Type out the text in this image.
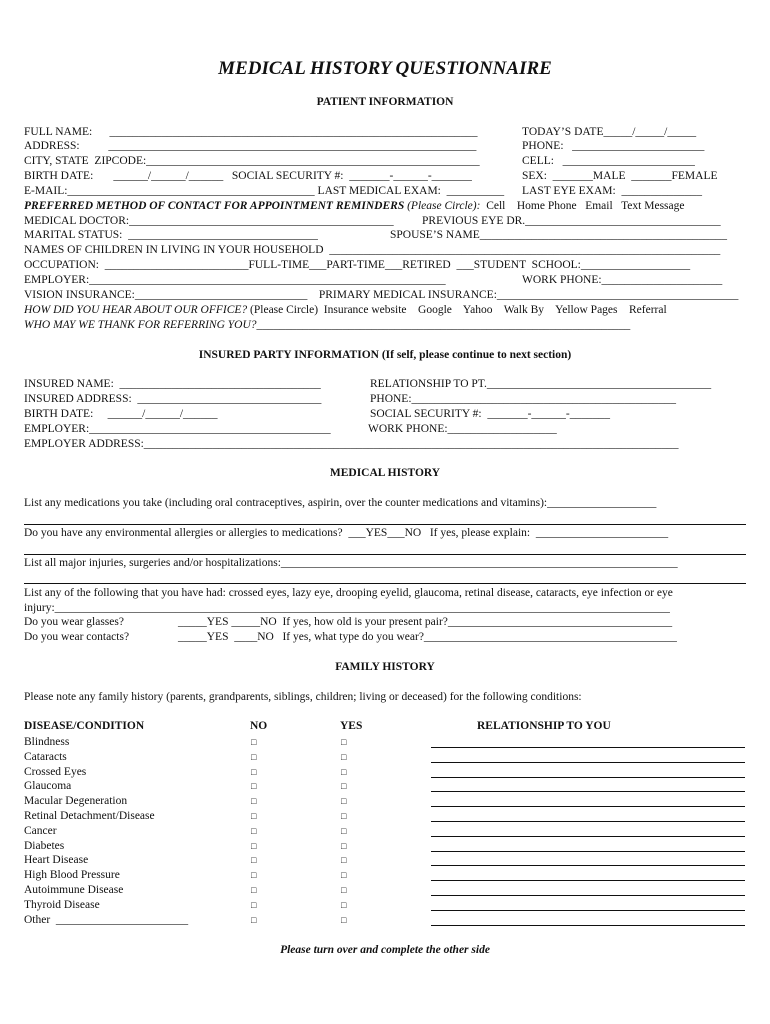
MEDICAL HISTORY QUESTIONNAIRE
PATIENT INFORMATION
FULL NAME:      ________________________________________________________________	TODAY’S DATE_____/_____/_____
ADDRESS:          ________________________________________________________________	PHONE:   _______________________
CITY, STATE  ZIPCODE:__________________________________________________________	CELL:   _______________________
BIRTH DATE:       ______/______/______   SOCIAL SECURITY #:  _______-______-_______	SEX:  _______MALE  _______FEMALE
E-MAIL:___________________________________________ LAST MEDICAL EXAM:  __________ LAST EYE EXAM:  ______________
PREFERRED METHOD OF CONTACT FOR APPOINTMENT REMINDERS (Please Circle):  Cell    Home Phone   Email   Text Message
MEDICAL DOCTOR:______________________________________________ PREVIOUS EYE DR.__________________________________
MARITAL STATUS:  _________________________________	SPOUSE’S NAME___________________________________________
NAMES OF CHILDREN IN LIVING IN YOUR HOUSEHOLD  ____________________________________________________________________
OCCUPATION:  _________________________FULL-TIME___PART-TIME___RETIRED  ___STUDENT  SCHOOL:___________________
EMPLOYER:______________________________________________________________	WORK PHONE:_____________________
VISION INSURANCE:______________________________    PRIMARY MEDICAL INSURANCE:__________________________________________
HOW DID YOU HEAR ABOUT OUR OFFICE? (Please Circle)  Insurance website    Google    Yahoo    Walk By    Yellow Pages    Referral
WHO MAY WE THANK FOR REFERRING YOU?_________________________________________________________________
INSURED PARTY INFORMATION (If self, please continue to next section)
INSURED NAME:  ___________________________________	RELATIONSHIP TO PT._______________________________________
INSURED ADDRESS:  ________________________________	PHONE:______________________________________________
BIRTH DATE:     ______/______/______	SOCIAL SECURITY #:  _______-______-_______
EMPLOYER:__________________________________________	WORK PHONE:___________________
EMPLOYER ADDRESS:_____________________________________________________________________________________________
MEDICAL HISTORY
List any medications you take (including oral contraceptives, aspirin, over the counter medications and vitamins):___________________
Do you have any environmental allergies or allergies to medications?  ___YES___NO   If yes, please explain:  _______________________
List all major injuries, surgeries and/or hospitalizations:_____________________________________________________________________
List any of the following that you have had: crossed eyes, lazy eye, drooping eyelid, glaucoma, retinal disease, cataracts, eye infection or eye
injury:___________________________________________________________________________________________________________
Do you wear glasses?	_____YES _____NO  If yes, how old is your present pair?_______________________________________
Do you wear contacts?	_____YES  ____NO   If yes, what type do you wear?____________________________________________
FAMILY HISTORY
Please note any family history (parents, grandparents, siblings, children; living or deceased) for the following conditions:
DISEASE/CONDITION	NO	YES	RELATIONSHIP TO YOU
Blindness	□	□
Cataracts	□	□
Crossed Eyes	□	□
Glaucoma	□	□
Macular Degeneration	□	□
Retinal Detachment/Disease	□	□
Cancer	□	□
Diabetes	□	□
Heart Disease	□	□
High Blood Pressure	□	□
Autoimmune Disease	□	□
Thyroid Disease	□	□
Other  _______________________	□	□
Please turn over and complete the other side
